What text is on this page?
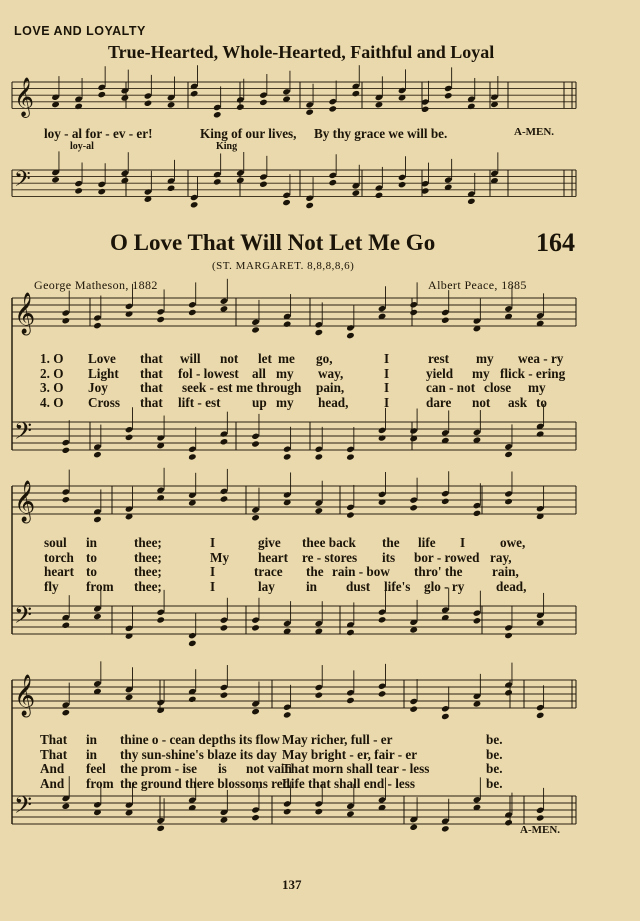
𝄞
𝄢
𝄞
𝄢
𝄞
𝄢
𝄞
𝄢
LOVE AND LOYALTY
True-Hearted, Whole-Hearted, Faithful and Loyal
loy - al for - ev - er!	King of our lives, By thy grace we will be.	A-MEN.
loy-al	King
O Love That Will Not Let Me Go	164
(ST. MARGARET. 8,8,8,8,6)
George Matheson, 1882	Albert Peace, 1885
1. O Love that will not let me go,	I	rest my wea - ry
2. O Light that fol - lowest all my way,	I	yield my flick - ering
3. O Joy that seek - est me through pain,	I	can - not close my
4. O Cross that lift - est up my head,	I	dare not ask to
soul in	thee;	I	give thee back the life I	owe,
torch to	thee;	My heart re - stores its bor - rowed ray,
heart to	thee;	I	trace the rain - bow thro' the rain,
fly from thee;	I	lay in dust life's glo - ry dead,
That in thine o - cean depths its flow May richer, full - er	be.
That in thy sun-shine's blaze its day May bright - er, fair - er	be.
And feel the prom - ise is not vain
That morn shall tear - less	be.
And from the ground there blossoms red
Life that shall end - less	be.
A-MEN.
137
